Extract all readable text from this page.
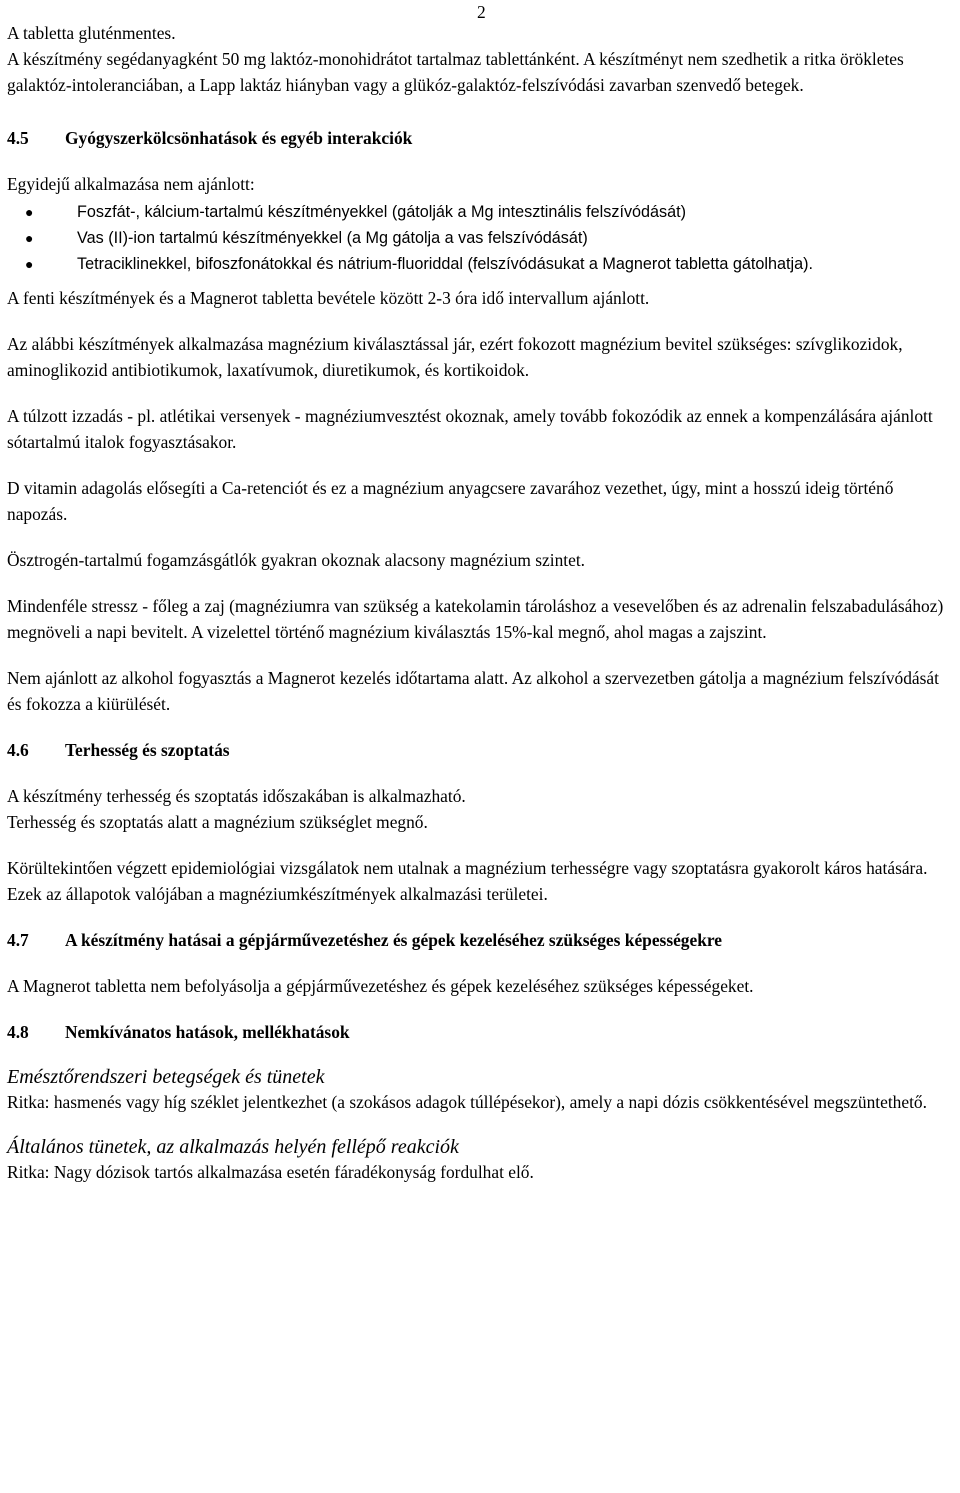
2

A tabletta gluténmentes.

A készítmény segédanyagként 50 mg laktóz-monohidrátot tartalmaz tablettánként. A készítményt nem szedhetik a ritka örökletes galaktóz-intoleranciában, a Lapp laktáz hiányban vagy a glükóz-galaktóz-felszívódási zavarban szenvedő betegek.

4.5	Gyógyszerkölcsönhatások és egyéb interakciók

Egyidejű alkalmazása nem ajánlott:

●	Foszfát-, kálcium-tartalmú készítményekkel (gátolják a Mg intesztinális felszívódását)
●	Vas (II)-ion tartalmú készítményekkel (a Mg gátolja a vas felszívódását)
●	Tetraciklinekkel, bifoszfonátokkal és nátrium-fluoriddal (felszívódásukat a Magnerot tabletta gátolhatja).

A fenti készítmények és a Magnerot tabletta bevétele között 2-3 óra idő intervallum ajánlott.

Az alábbi készítmények alkalmazása magnézium kiválasztással jár, ezért fokozott magnézium bevitel szükséges: szívglikozidok, aminoglikozid antibiotikumok, laxatívumok, diuretikumok, és kortikoidok.

A túlzott izzadás - pl. atlétikai versenyek - magnéziumvesztést okoznak, amely tovább fokozódik az ennek a kompenzálására ajánlott sótartalmú italok fogyasztásakor.

D vitamin adagolás elősegíti a Ca-retenciót és ez a magnézium anyagcsere zavarához vezethet, úgy, mint a hosszú ideig történő napozás.

Ösztrogén-tartalmú fogamzásgátlók gyakran okoznak alacsony magnézium szintet.

Mindenféle stressz - főleg a zaj (magnéziumra van szükség a katekolamin tároláshoz a vesevelőben és az adrenalin felszabadulásához) megnöveli a napi bevitelt. A vizelettel történő magnézium kiválasztás 15%-kal megnő, ahol magas a zajszint.

Nem ajánlott az alkohol fogyasztás a Magnerot kezelés időtartama alatt. Az alkohol a szervezetben gátolja a magnézium felszívódását és fokozza a kiürülését.

4.6	Terhesség és szoptatás

A készítmény terhesség és szoptatás időszakában is alkalmazható.

Terhesség és szoptatás alatt a magnézium szükséglet megnő.

Körültekintően végzett epidemiológiai vizsgálatok nem utalnak a magnézium terhességre vagy szoptatásra gyakorolt káros hatására. Ezek az állapotok valójában a magnéziumkészítmények alkalmazási területei.

4.7	A készítmény hatásai a gépjárművezetéshez és gépek kezeléséhez szükséges képességekre

A Magnerot tabletta nem befolyásolja a gépjárművezetéshez és gépek kezeléséhez szükséges képességeket.

4.8	Nemkívánatos hatások, mellékhatások

Emésztőrendszeri betegségek és tünetek

Ritka: hasmenés vagy híg széklet jelentkezhet (a szokásos adagok túllépésekor), amely a napi dózis csökkentésével megszüntethető.

Általános tünetek, az alkalmazás helyén fellépő reakciók

Ritka: Nagy dózisok tartós alkalmazása esetén fáradékonyság fordulhat elő.
